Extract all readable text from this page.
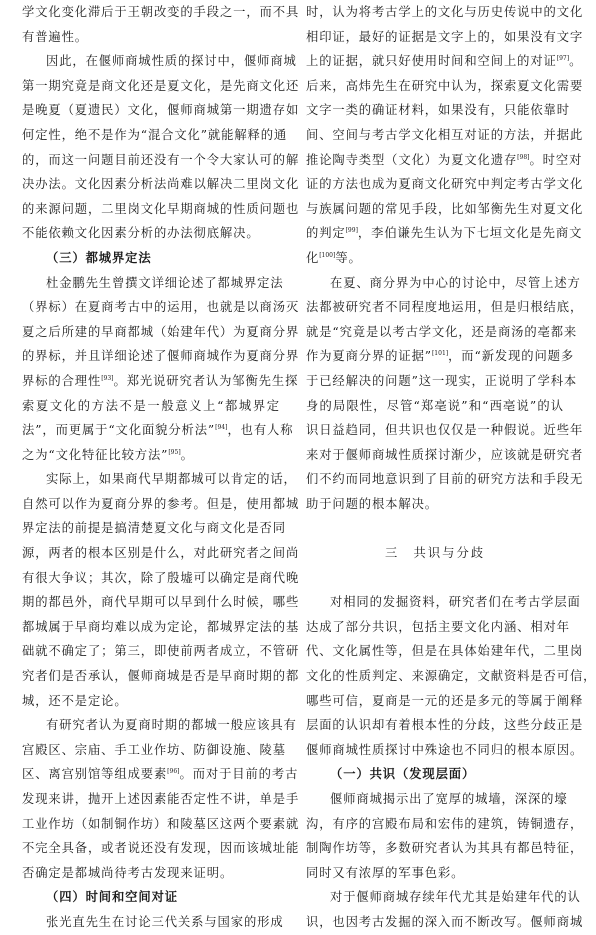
学文化变化滞后于王朝改变的手段之一，而不具
有普遍性。
因此，在偃师商城性质的探讨中，偃师商城
第一期究竟是商文化还是夏文化，是先商文化还
是晚夏（夏遗民）文化，偃师商城第一期遗存如
何定性，绝不是作为“混合文化”就能解释的通
的，而这一问题目前还没有一个令大家认可的解
决办法。文化因素分析法尚难以解决二里岗文化
的来源问题，二里岗文化早期商城的性质问题也
不能依赖文化因素分析的办法彻底解决。
（三）都城界定法
杜金鹏先生曾撰文详细论述了都城界定法
（界标）在夏商考古中的运用，也就是以商汤灭
夏之后所建的早商都城（始建年代）为夏商分界
的界标，并且详细论述了偃师商城作为夏商分界
界标的合理性[93]。郑光说研究者认为邹衡先生探
索夏文化的方法不是一般意义上“都城界定
法”，而更属于“文化面貌分析法”[94]，也有人称
之为“文化特征比较方法”[95]。
实际上，如果商代早期都城可以肯定的话，
自然可以作为夏商分界的参考。但是，使用都城
界定法的前提是搞清楚夏文化与商文化是否同
源，两者的根本区别是什么，对此研究者之间尚
有很大争议；其次，除了殷墟可以确定是商代晚
期的都邑外，商代早期可以早到什么时候，哪些
都城属于早商均难以成为定论，都城界定法的基
础就不确定了；第三，即使前两者成立，不管研
究者们是否承认，偃师商城是否是早商时期的都
城，还不是定论。
有研究者认为夏商时期的都城一般应该具有
宫殿区、宗庙、手工业作坊、防御设施、陵墓
区、离宫别馆等组成要素[96]。而对于目前的考古
发现来讲，抛开上述因素能否定性不讲，单是手
工业作坊（如制铜作坊）和陵墓区这两个要素就
不完全具备，或者说还没有发现，因而该城址能
否确定是都城尚待考古发现来证明。
（四）时间和空间对证
张光直先生在讨论三代关系与国家的形成
时，认为将考古学上的文化与历史传说中的文化
相印证，最好的证据是文字上的，如果没有文字
上的证据，就只好使用时间和空间上的对证[97]。
后来，高炜先生在研究中认为，探索夏文化需要
文字一类的确证材料，如果没有，只能依靠时
间、空间与考古学文化相互对证的方法，并据此
推论陶寺类型（文化）为夏文化遗存[98]。时空对
证的方法也成为夏商文化研究中判定考古学文化
与族属问题的常见手段，比如邹衡先生对夏文化
的判定[99]，李伯谦先生认为下七垣文化是先商文
化[100]等。
在夏、商分界为中心的讨论中，尽管上述方
法都被研究者不同程度地运用，但是归根结底，
就是“究竟是以考古学文化，还是商汤的亳都来
作为夏商分界的证据”[101]，而“新发现的问题多
于已经解决的问题”这一现实，正说明了学科本
身的局限性，尽管“郑亳说”和“西亳说”的认
识日益趋同，但共识也仅仅是一种假说。近些年
来对于偃师商城性质探讨渐少，应该就是研究者
们不约而同地意识到了目前的研究方法和手段无
助于问题的根本解决。
三　共识与分歧
对相同的发掘资料，研究者们在考古学层面
达成了部分共识，包括主要文化内涵、相对年
代、文化属性等，但是在具体始建年代，二里岗
文化的性质判定、来源确定，文献资料是否可信，
哪些可信，夏商是一元的还是多元的等属于阐释
层面的认识却有着根本性的分歧，这些分歧正是
偃师商城性质探讨中殊途也不同归的根本原因。
（一）共识（发现层面）
偃师商城揭示出了宽厚的城墙，深深的壕
沟，有序的宫殿布局和宏伟的建筑，铸铜遗存，
制陶作坊等，多数研究者认为其具有都邑特征，
同时又有浓厚的军事色彩。
对于偃师商城存续年代尤其是始建年代的认
识，也因考古发掘的深入而不断改写。偃师商城
